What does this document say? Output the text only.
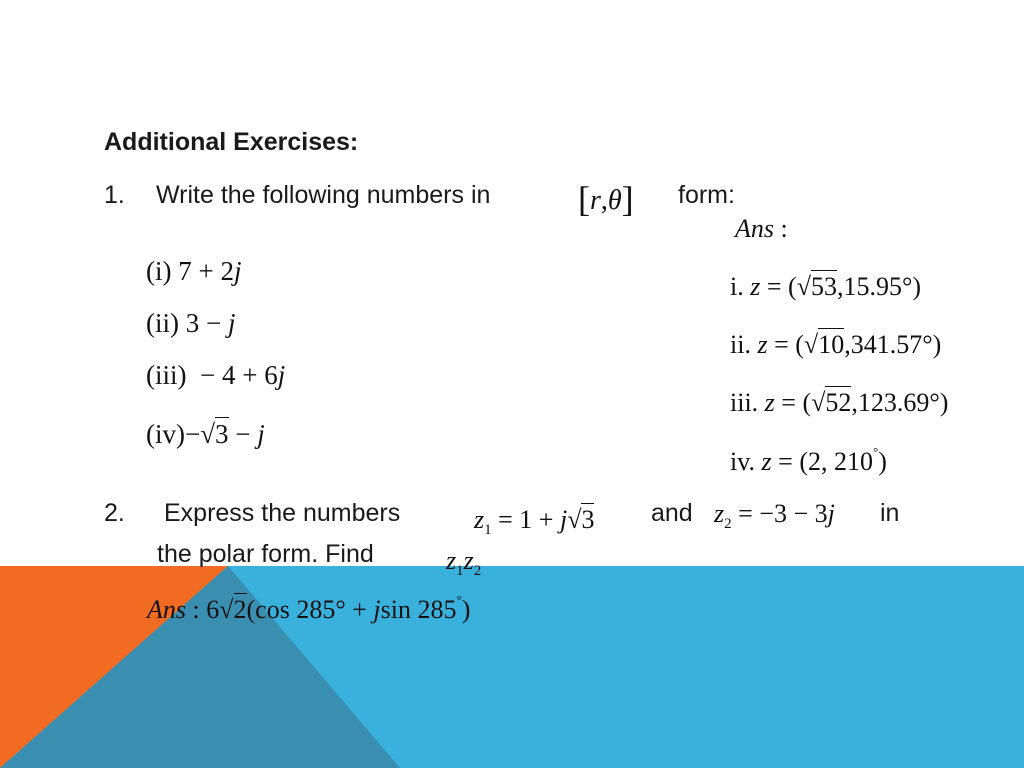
Additional Exercises:
1. Write the following numbers in [r,θ] form:
(i) 7 + 2j
(ii) 3 − j
(iii) − 4 + 6j
(iv)−√3 − j
Ans :
i. z = (√53,15.95°)
ii. z = (√10,341.57°)
iii. z = (√52,123.69°)
iv. z = (2, 210°)
2. Express the numbers	$z_1 = 1 + j√3$ and $z_2 = -3 - 3j$ in
the polar form. Find	$z_1z_2$
Ans : 6√2(cos 285° + jsin 285°)
